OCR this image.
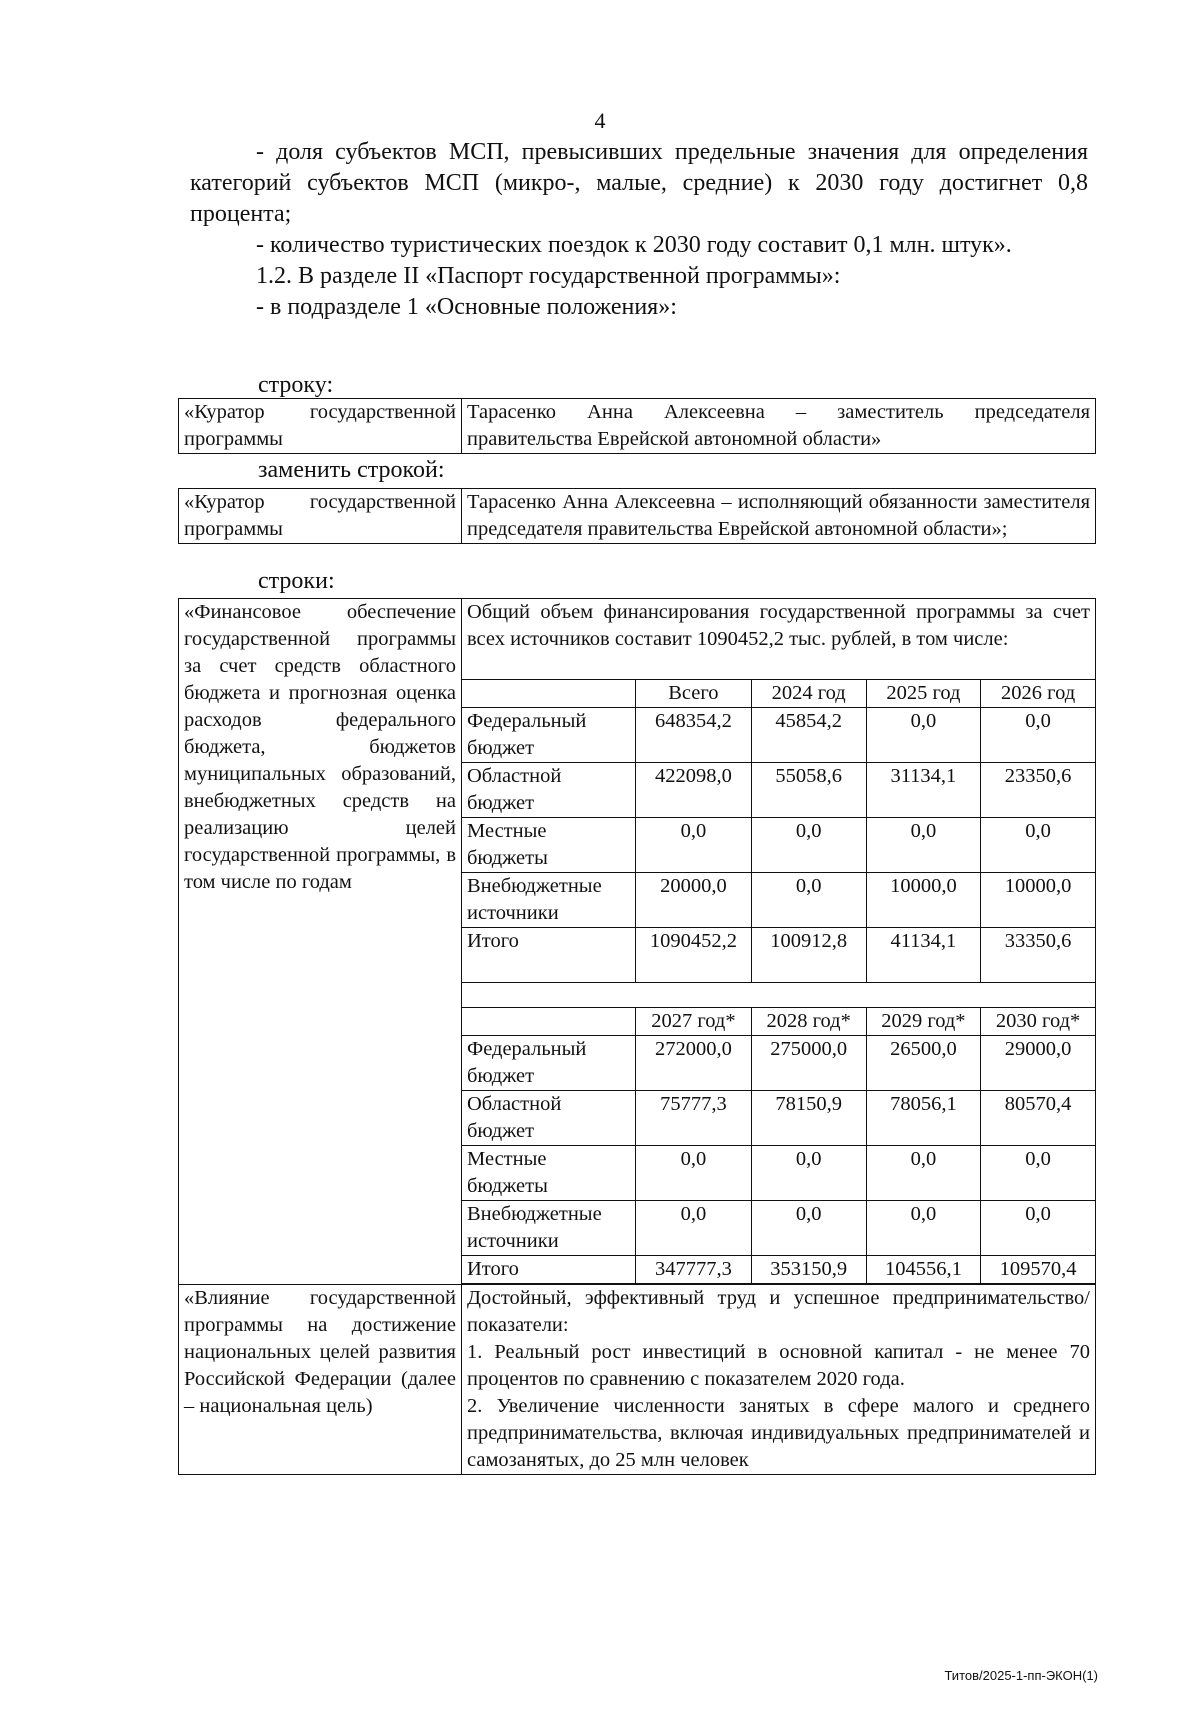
4

- доля субъектов МСП, превысивших предельные значения для определения категорий субъектов МСП (микро-, малые, средние) к 2030 году достигнет 0,8 процента;

- количество туристических поездок к 2030 году составит 0,1 млн. штук».

1.2. В разделе II «Паспорт государственной программы»:

- в подразделе 1 «Основные положения»:

строку:
«Куратор государственной программы	Тарасенко Анна Алексеевна – заместитель председателя правительства Еврейской автономной области»
заменить строкой:
«Куратор государственной программы	Тарасенко Анна Алексеевна – исполняющий обязанности заместителя председателя правительства Еврейской автономной области»;
строки:
«Финансовое обеспечение государственной программы за счет средств областного бюджета и прогнозная оценка расходов федерального бюджета, бюджетов муниципальных образований, внебюджетных средств на реализацию целей государственной программы, в том числе по годам	Общий объем финансирования государственной программы за счет всех источников составит 1090452,2 тыс. рублей, в том числе:				
		Всего	2024 год	2025 год	2026 год
	Федеральный бюджет	648354,2	45854,2	0,0	0,0
	Областной бюджет	422098,0	55058,6	31134,1	23350,6
	Местные бюджеты	0,0	0,0	0,0	0,0
	Внебюджетные источники	20000,0	0,0	10000,0	10000,0
	Итого	1090452,2	100912,8	41134,1	33350,6

		2027 год*	2028 год*	2029 год*	2030 год*
	Федеральный бюджет	272000,0	275000,0	26500,0	29000,0
	Областной бюджет	75777,3	78150,9	78056,1	80570,4
	Местные бюджеты	0,0	0,0	0,0	0,0
	Внебюджетные источники	0,0	0,0	0,0	0,0
	Итого	347777,3	353150,9	104556,1	109570,4

«Влияние государственной программы на достижение национальных целей развития Российской Федерации (далее – национальная цель)	Достойный, эффективный труд и успешное предпринимательство/ показатели:
1. Реальный рост инвестиций в основной капитал - не менее 70 процентов по сравнению с показателем 2020 года.
2. Увеличение численности занятых в сфере малого и среднего предпринимательства, включая индивидуальных предпринимателей и самозанятых, до 25 млн человек				
Титов/2025-1-пп-ЭКОН(1)
